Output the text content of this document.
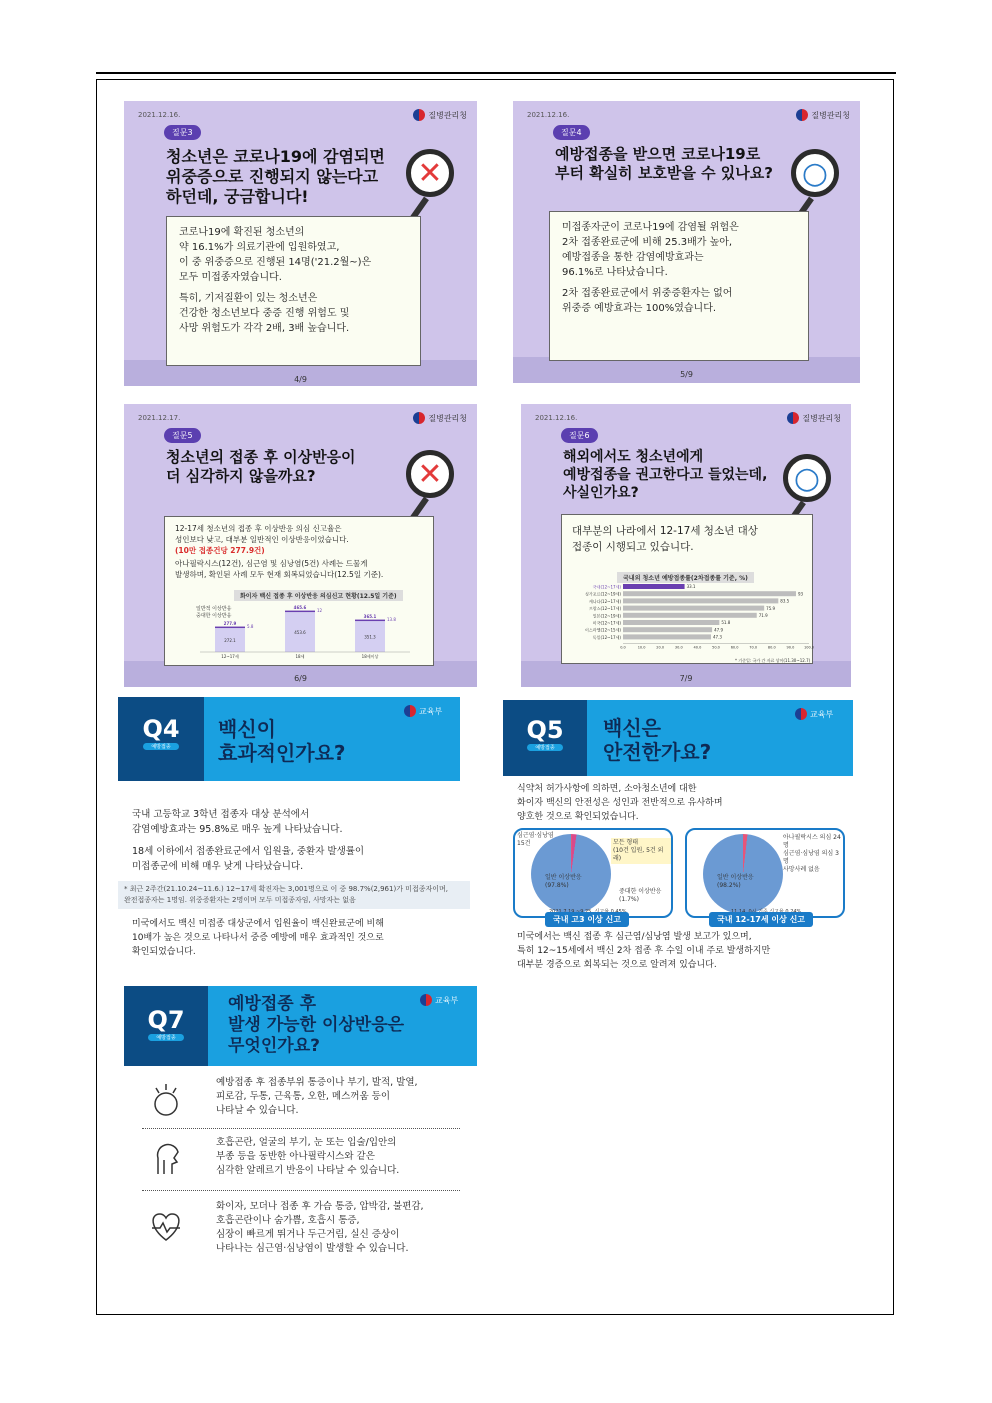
2021.12.16.	질병관리청
질문3
청소년은 코로나19에 감염되면
위중증으로 진행되지 않는다고
하던데, 궁금합니다!
✕

코로나19에 확진된 청소년의
약 16.1%가 의료기관에 입원하였고,
이 중 위중증으로 진행된 14명('21.2월~)은
모두 미접종자였습니다.

특히, 기저질환이 있는 청소년은
건강한 청소년보다 중증 진행 위험도 및
사망 위험도가 각각 2배, 3배 높습니다.

4/9
2021.12.16.	질병관리청
질문4
예방접종을 받으면 코로나19로
부터 확실히 보호받을 수 있나요? ○

미접종자군이 코로나19에 감염될 위험은
2차 접종완료군에 비해 25.3배가 높아,
예방접종을 통한 감염예방효과는
96.1%로 나타났습니다.

2차 접종완료군에서 위중증환자는 없어
위중증 예방효과는 100%였습니다.

5/9
2021.12.17.	질병관리청
질문5
청소년의 접종 후 이상반응이
더 심각하지 않을까요?	✕

12-17세 청소년의 접종 후 이상반응 의심 신고율은
성인보다 낮고, 대부분 일반적인 이상반응이었습니다.

(10만 접종건당 277.9건)

아나필락시스(12건), 심근염 및 심낭염(5건) 사례는 드물게
발생하며, 확인된 사례 모두 현재 회복되었습니다(12.5일 기준).

화이자 백신 접종 후 이상반응 의심신고 현황(12.5일 기준)
272.1
277.9
5.8
12~17세
453.6
465.6
12
18세
351.3
365.1
13.8
18세이상
일반적 이상반응
중대한 이상반응
6/9
2021.12.16.	질병관리청
질문6
해외에서도 청소년에게
예방접종을 권고한다고 들었는데,
사실인가요?	○

대부분의 나라에서 12-17세 청소년 대상
접종이 시행되고 있습니다.

국내외 청소년 예방접종률(2차접종률 기준, %)
국내(12~17세)	33.1
싱가포르(12~19세)	93
캐나다(12~17세)	83.5
프랑스(12~17세)	75.9
일본(12~19세)	71.9
미국(12~17세)	51.8
이스라엘(12~15세)	47.9
독일(12~17세)	47.3
0.0	10.0	20.0	30.0	40.0	50.0	60.0	70.0	80.0	90.0	100.0
* 기준일: 국가 간 자료 상이(11.30~12.7)
7/9
Q4
예방접종
백신이
효과적인가요?
교육부

국내 고등학교 3학년 접종자 대상 분석에서
감염예방효과는 95.8%로 매우 높게 나타났습니다.

18세 이하에서 접종완료군에서 입원율, 중환자 발생률이
미접종군에 비해 매우 낮게 나타났습니다.

* 최근 2주간(21.10.24~11.6.) 12~17세 확진자는 3,001명으로 이 중 98.7%(2,961)가 미접종자이며,
완전접종자는 1명임. 위중증환자는 2명이며 모두 미접종자임, 사망자는 없음

미국에서도 백신 미접종 대상군에서 입원율이 백신완료군에 비해
10배가 높은 것으로 나타나서 중증 예방에 매우 효과적인 것으로
확인되었습니다.

Q5
예방접종
백신은
안전한가요?
교육부

식약처 허가사항에 의하면, 소아청소년에 대한
화이자 백신의 안전성은 성인과 전반적으로 유사하며
양호한 것으로 확인되었습니다.

심근염·심낭염
15건	모든 형태
(10건 입원, 5건 외래)
일반 이상반응
(97.8%)
중대한 이상반응
(1.7%)
국내 고3 이상 신고
아나필락시스 의심 24명
심근염·심낭염 의심 3명
사망사례 없음
일반 이상반응
(98.2%)
국내 12-17세 이상 신고

미국에서는 백신 접종 후 심근염/심낭염 발생 보고가 있으며,
특히 12~15세에서 백신 2차 접종 후 수일 이내 주로 발생하지만
대부분 경증으로 회복되는 것으로 알려져 있습니다.

Q7
예방접종
예방접종 후
발생 가능한 이상반응은
무엇인가요?
교육부
예방접종 후 접종부위 통증이나 부기, 발적, 발열,
피로감, 두통, 근육통, 오한, 메스꺼움 등이
나타날 수 있습니다.
호흡곤란, 얼굴의 부기, 눈 또는 입술/입안의
부종 등을 동반한 아나필락시스와 같은
심각한 알레르기 반응이 나타날 수 있습니다.
화이자, 모더나 접종 후 가슴 통증, 압박감, 불편감,
호흡곤란이나 숨가쁨, 호흡시 통증,
심장이 빠르게 뛰거나 두근거림, 실신 증상이
나타나는 심근염·심낭염이 발생할 수 있습니다.
